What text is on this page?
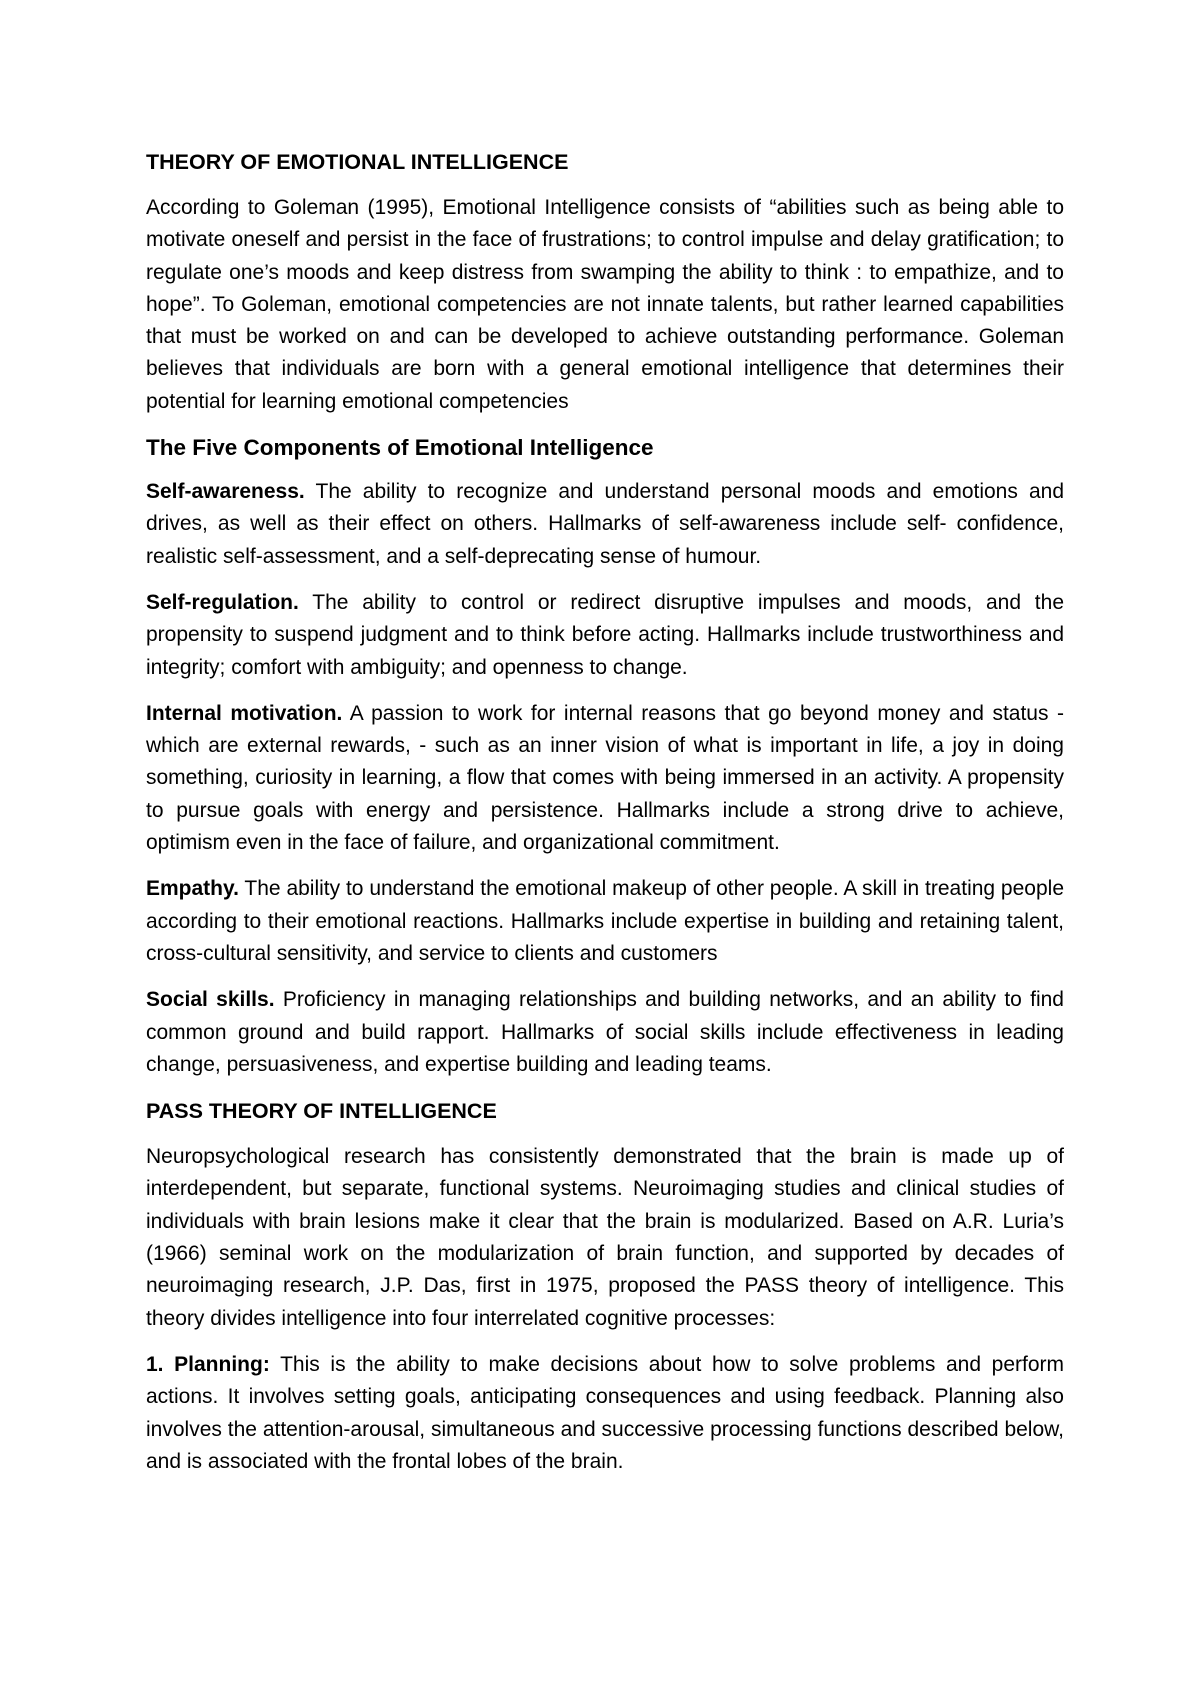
THEORY OF EMOTIONAL INTELLIGENCE

According to Goleman (1995), Emotional Intelligence consists of “abilities such as being able to motivate oneself and persist in the face of frustrations; to control impulse and delay gratification; to regulate one’s moods and keep distress from swamping the ability to think : to empathize, and to hope”. To Goleman, emotional competencies are not innate talents, but rather learned capabilities that must be worked on and can be developed to achieve outstanding performance. Goleman believes that individuals are born with a general emotional intelligence that determines their potential for learning emotional competencies

The Five Components of Emotional Intelligence

Self-awareness. The ability to recognize and understand personal moods and emotions and drives, as well as their effect on others. Hallmarks of self-awareness include self- confidence, realistic self-assessment, and a self-deprecating sense of humour.

Self-regulation. The ability to control or redirect disruptive impulses and moods, and the propensity to suspend judgment and to think before acting. Hallmarks include trustworthiness and integrity; comfort with ambiguity; and openness to change.

Internal motivation. A passion to work for internal reasons that go beyond money and status -which are external rewards, - such as an inner vision of what is important in life, a joy in doing something, curiosity in learning, a flow that comes with being immersed in an activity. A propensity to pursue goals with energy and persistence. Hallmarks include a strong drive to achieve, optimism even in the face of failure, and organizational commitment.

Empathy. The ability to understand the emotional makeup of other people. A skill in treating people according to their emotional reactions. Hallmarks include expertise in building and retaining talent, cross-cultural sensitivity, and service to clients and customers

Social skills. Proficiency in managing relationships and building networks, and an ability to find common ground and build rapport. Hallmarks of social skills include effectiveness in leading change, persuasiveness, and expertise building and leading teams.

PASS THEORY OF INTELLIGENCE

Neuropsychological research has consistently demonstrated that the brain is made up of interdependent, but separate, functional systems. Neuroimaging studies and clinical studies of individuals with brain lesions make it clear that the brain is modularized. Based on A.R. Luria’s (1966) seminal work on the modularization of brain function, and supported by decades of neuroimaging research, J.P. Das, first in 1975, proposed the PASS theory of intelligence. This theory divides intelligence into four interrelated cognitive processes:

1. Planning: This is the ability to make decisions about how to solve problems and perform actions. It involves setting goals, anticipating consequences and using feedback. Planning also involves the attention-arousal, simultaneous and successive processing functions described below, and is associated with the frontal lobes of the brain.
